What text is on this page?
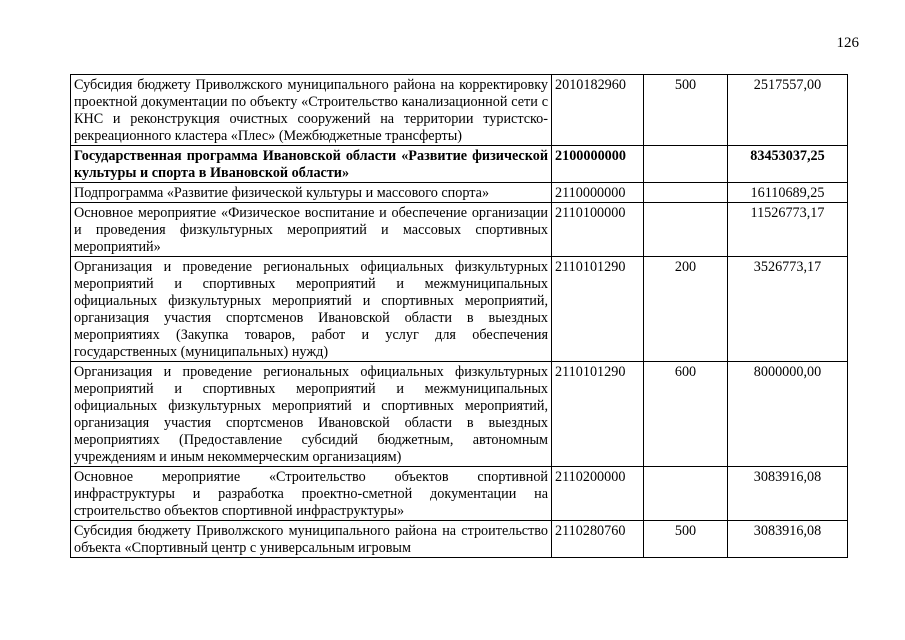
126
Субсидия бюджету Приволжского муниципального района на корректировку проектной документации по объекту «Строительство канализационной сети с КНС и реконструкция очистных сооружений на территории туристско-рекреационного кластера «Плес» (Межбюджетные трансферты)	2010182960	500	2517557,00
Государственная программа Ивановской области «Развитие физической культуры и спорта в Ивановской области»	2100000000		83453037,25
Подпрограмма «Развитие физической культуры и массового спорта»	2110000000		16110689,25
Основное мероприятие «Физическое воспитание и обеспечение организации и проведения физкультурных мероприятий и массовых спортивных мероприятий»	2110100000		11526773,17
Организация и проведение региональных официальных физкультурных мероприятий и спортивных мероприятий и межмуниципальных официальных физкультурных мероприятий и спортивных мероприятий, организация участия спортсменов Ивановской области в выездных мероприятиях (Закупка товаров, работ и услуг для обеспечения государственных (муниципальных) нужд)	2110101290	200	3526773,17
Организация и проведение региональных официальных физкультурных мероприятий и спортивных мероприятий и межмуниципальных официальных физкультурных мероприятий и спортивных мероприятий, организация участия спортсменов Ивановской области в выездных мероприятиях (Предоставление субсидий бюджетным, автономным учреждениям и иным некоммерческим организациям)	2110101290	600	8000000,00
Основное мероприятие «Строительство объектов спортивной инфраструктуры и разработка проектно-сметной документации на строительство объектов спортивной инфраструктуры»	2110200000		3083916,08
Субсидия бюджету Приволжского муниципального района на строительство объекта «Спортивный центр с универсальным игровым	2110280760	500	3083916,08
